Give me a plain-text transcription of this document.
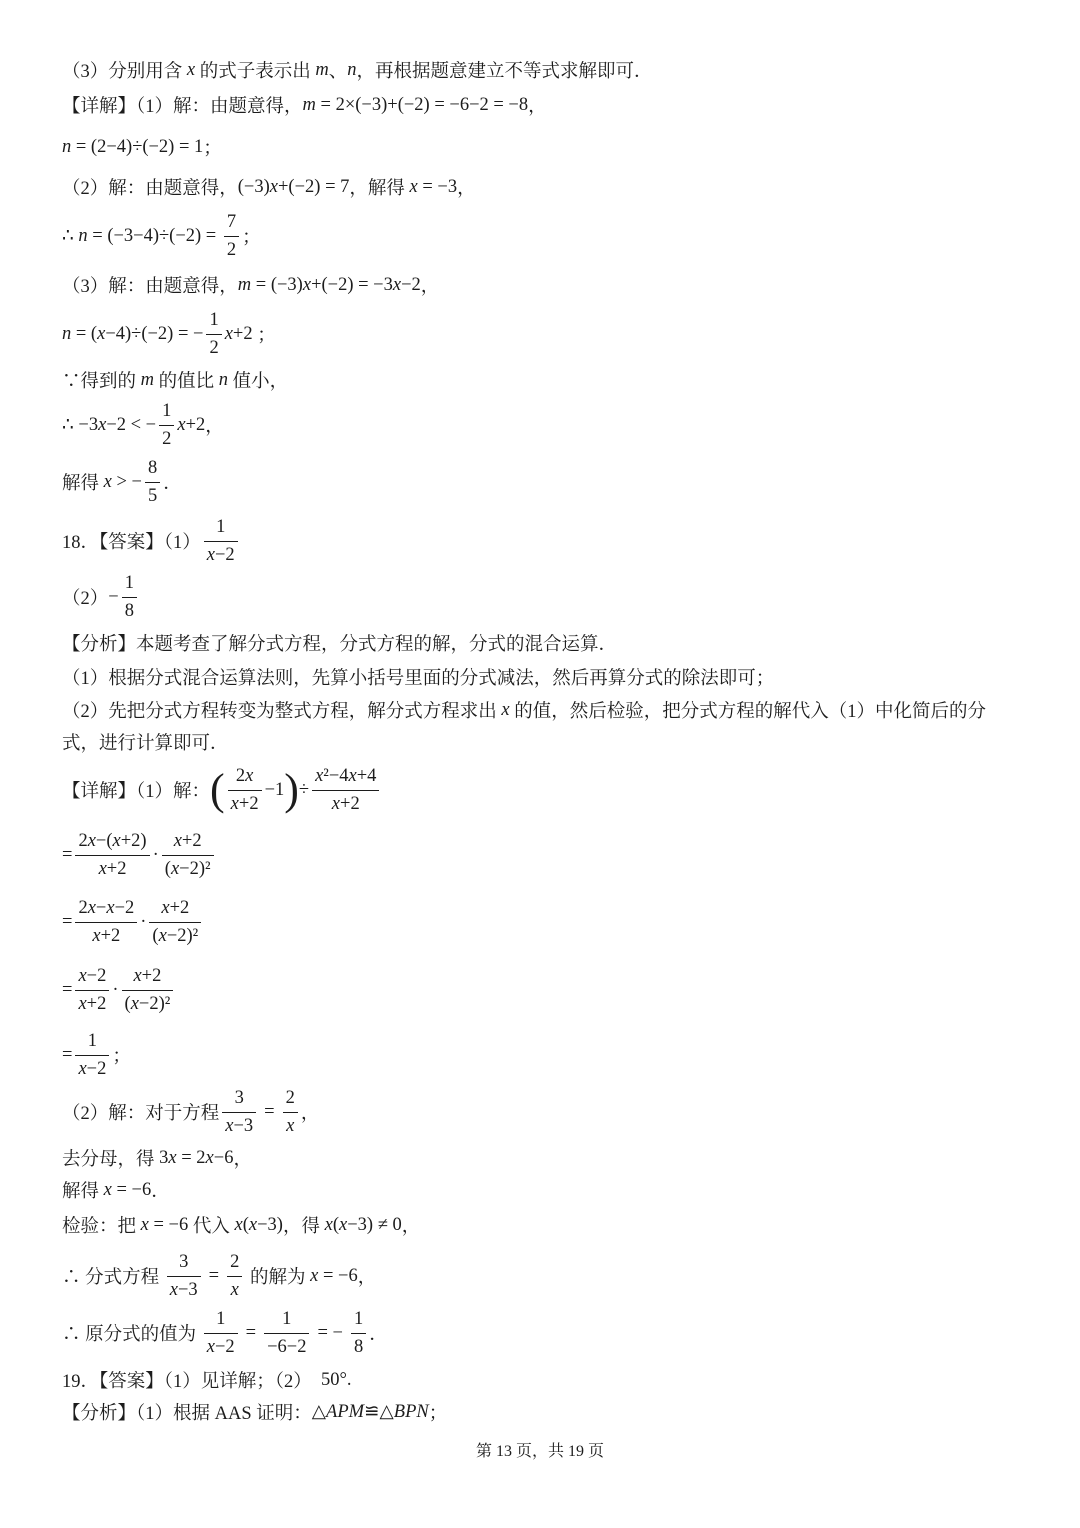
（3）分别用含 x 的式子表示出 m 、 n ，再根据题意建立不等式求解即可．
【详解】（1）解：由题意得， m = 2×(−3)+(−2) = −6−2 = −8 ，
n = (2−4)÷(−2) = 1 ；
（2）解：由题意得， (−3)x+(−2) = 7 ，解得 x = −3 ，
∴ $n = (-3-4)\div(-2) = \frac{7}{2}$ ；
（3）解：由题意得， m = (−3)x+(−2) = −3x−2 ，
n = (x−4)÷(−2) = − $\frac{1}{2} x+2$ ；
∵得到的 m 的值比 n 值小，
∴ −3x−2 < − $\frac{1}{2} x+2$ ，
解得 x > − $\frac{8}{5}$ ．
18．【答案】$(1) \frac{1}{x-2}$
$(2) - \frac{1}{8}$
【分析】本题考查了解分式方程，分式方程的解，分式的混合运算．
（1）根据分式混合运算法则，先算小括号里面的分式减法，然后再算分式的除法即可；
（2）先把分式方程转变为整式方程，解分式方程求出 x 的值，然后检验，把分式方程的解代入（1）中化简后的分
式，进行计算即可．
【详解】（1）解： ( $\frac{2x}{x+2} -1$ ) ÷ $\frac{\text{x²−4x+4}}{x+2}$
= $\frac{2x-(x+2)}{x+2} \cdot \frac{x+2}{\text{(x−2)²}}$
= $\frac{2x-x-2}{x+2} \cdot \frac{x+2}{\text{(x−2)²}}$
= $\frac{x-2}{x+2} \cdot \frac{x+2}{\text{(x−2)²}}$
= $\frac{1}{x-2}$ ；
（2）解：对于方程 $\frac{3}{x-3} = \frac{2}{x}$ ，
去分母，得 3x = 2x−6 ，
解得 x = −6 ．
检验：把 x = −6 代入 x(x−3) ，得 x(x−3) ≠ 0 ，
∴ 分式方程 $\frac{3}{x-3} = \frac{2}{x}$ 的解为 x = −6 ，
∴ 原分式的值为 $\frac{1}{x-2} = \frac{1}{-6-2}$ = − $\frac{1}{8}$ ．
19．【答案】（1）见详解；（2） 50°.
【分析】（1）根据 AAS 证明： △APM≌△BPN ；
第 13 页，共 19 页
